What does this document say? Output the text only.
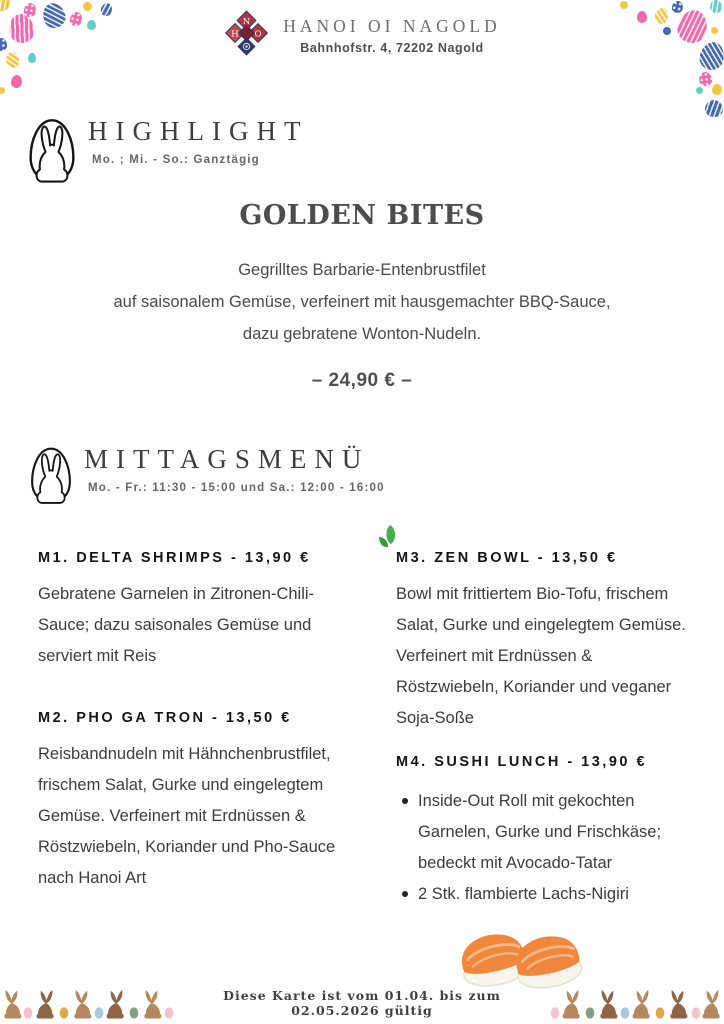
N
H O HANOI OI NAGOLD
Bahnhofstr. 4, 72202 Nagold
HIGHLIGHT
Mo. ; Mi. - So.: Ganztägig
GOLDEN BITES
Gegrilltes Barbarie-Entenbrustfilet
auf saisonalem Gemüse, verfeinert mit hausgemachter BBQ-Sauce,
dazu gebratene Wonton-Nudeln.
– 24,90 € –
MITTAGSMENÜ
Mo. - Fr.: 11:30 - 15:00 und Sa.: 12:00 - 16:00
M1. DELTA SHRIMPS - 13,90 €

Gebratene Garnelen in Zitronen-Chili-Sauce; dazu saisonales Gemüse und serviert mit Reis

M2. PHO GA TRON - 13,50 €

Reisbandnudeln mit Hähnchenbrustfilet, frischem Salat, Gurke und eingelegtem Gemüse. Verfeinert mit Erdnüssen & Röstzwiebeln, Koriander und Pho-Sauce nach Hanoi Art

M3. ZEN BOWL - 13,50 €

Bowl mit frittiertem Bio-Tofu, frischem Salat, Gurke und eingelegtem Gemüse. Verfeinert mit Erdnüssen & Röstzwiebeln, Koriander und veganer Soja-Soße

M4. SUSHI LUNCH - 13,90 €
Inside-Out Roll mit gekochten Garnelen, Gurke und Frischkäse; bedeckt mit Avocado-Tatar
2 Stk. flambierte Lachs-Nigiri
Diese Karte ist vom 01.04. bis zum 02.05.2026 gültig
